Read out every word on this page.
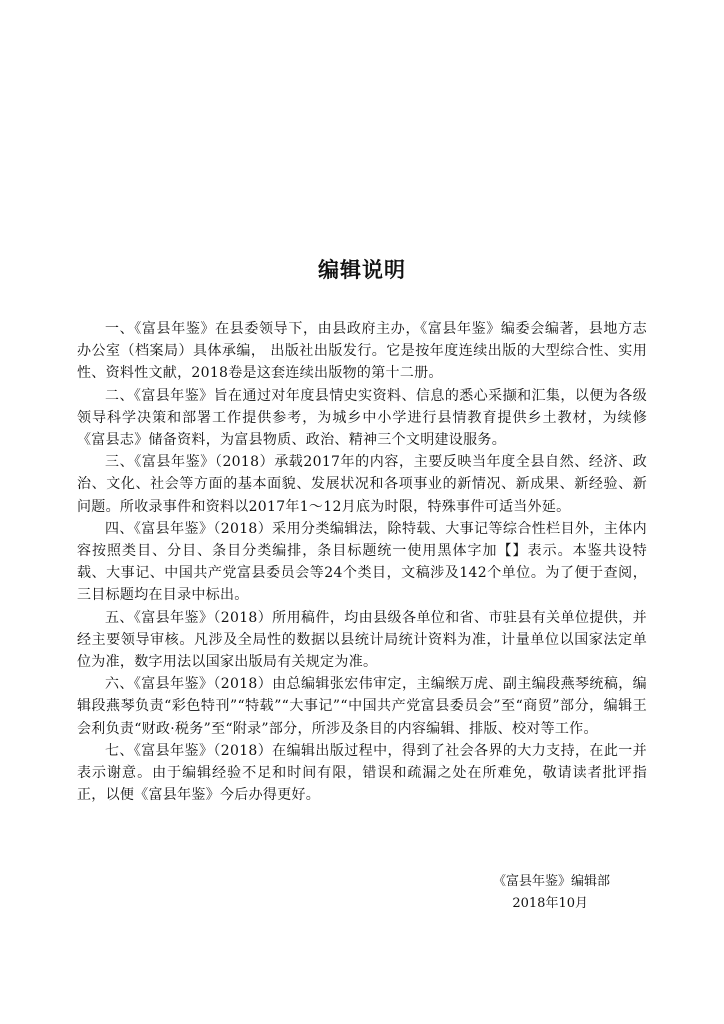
编辑说明

一、《富县年鉴》在县委领导下，由县政府主办，《富县年鉴》编委会编著，县地方志办公室（档案局）具体承编， 出版社出版发行。它是按年度连续出版的大型综合性、实用性、资料性文献，2018卷是这套连续出版物的第十二册。

二、《富县年鉴》旨在通过对年度县情史实资料、信息的悉心采撷和汇集，以便为各级领导科学决策和部署工作提供参考，为城乡中小学进行县情教育提供乡土教材，为续修《富县志》储备资料，为富县物质、政治、精神三个文明建设服务。

三、《富县年鉴》（2018）承载2017年的内容，主要反映当年度全县自然、经济、政治、文化、社会等方面的基本面貌、发展状况和各项事业的新情况、新成果、新经验、新问题。所收录事件和资料以2017年1～12月底为时限，特殊事件可适当外延。

四、《富县年鉴》（2018）采用分类编辑法，除特载、大事记等综合性栏目外，主体内容按照类目、分目、条目分类编排，条目标题统一使用黑体字加【】表示。本鉴共设特载、大事记、中国共产党富县委员会等24个类目，文稿涉及142个单位。为了便于查阅，三目标题均在目录中标出。

五、《富县年鉴》（2018）所用稿件，均由县级各单位和省、市驻县有关单位提供，并经主要领导审核。凡涉及全局性的数据以县统计局统计资料为准，计量单位以国家法定单位为准，数字用法以国家出版局有关规定为准。

六、《富县年鉴》（2018）由总编辑张宏伟审定，主编缑万虎、副主编段燕琴统稿，编辑段燕琴负责“彩色特刊”“特载”“大事记”“中国共产党富县委员会”至“商贸”部分，编辑王会利负责“财政·税务”至“附录”部分，所涉及条目的内容编辑、排版、校对等工作。

七、《富县年鉴》（2018）在编辑出版过程中，得到了社会各界的大力支持，在此一并表示谢意。由于编辑经验不足和时间有限，错误和疏漏之处在所难免，敬请读者批评指正，以便《富县年鉴》今后办得更好。

《富县年鉴》编辑部
2018年10月
